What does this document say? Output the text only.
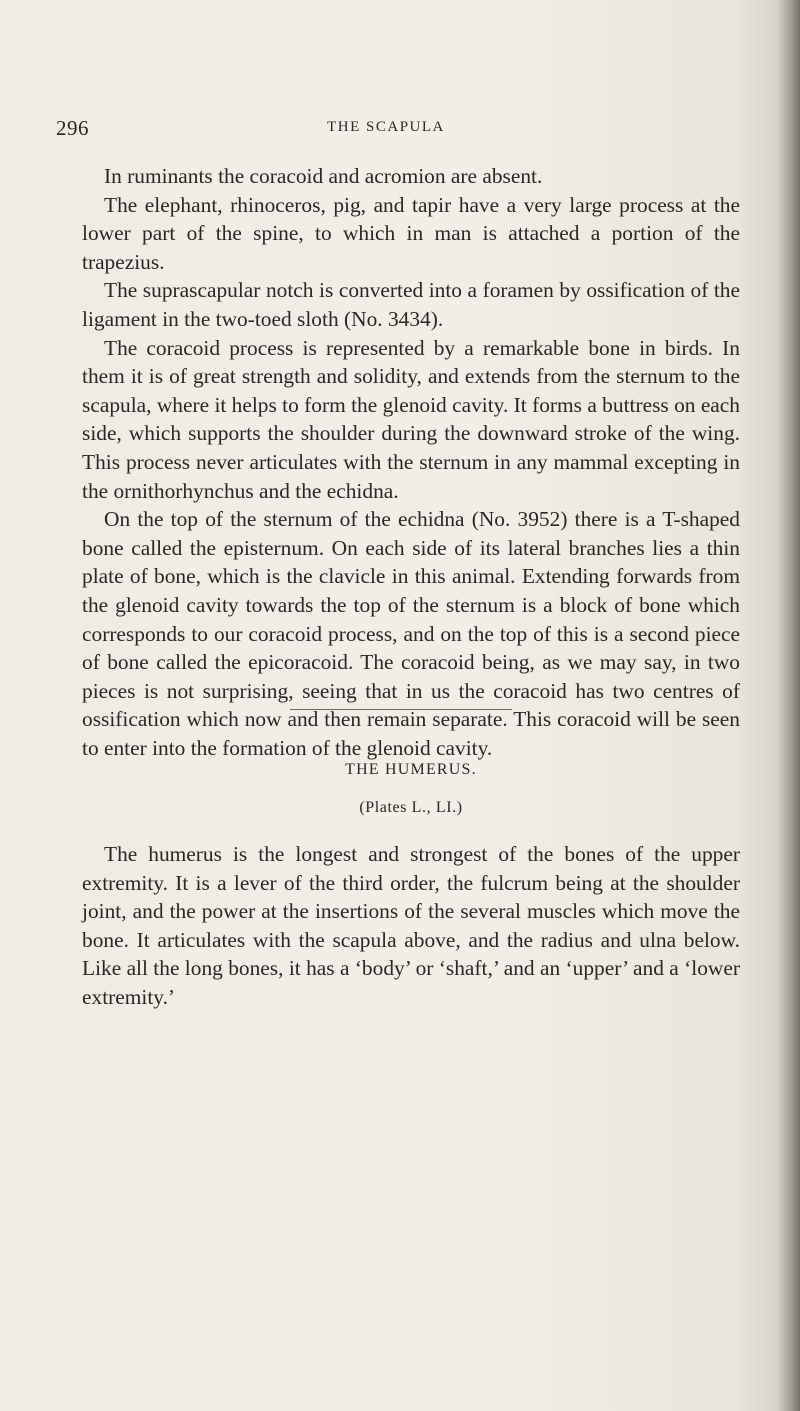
296	THE SCAPULA

In ruminants the coracoid and acromion are absent.

The elephant, rhinoceros, pig, and tapir have a very large process at the lower part of the spine, to which in man is attached a portion of the trapezius.

The suprascapular notch is converted into a foramen by ossification of the ligament in the two-toed sloth (No. 3434).

The coracoid process is represented by a remarkable bone in birds. In them it is of great strength and solidity, and extends from the sternum to the scapula, where it helps to form the glenoid cavity. It forms a buttress on each side, which supports the shoulder during the downward stroke of the wing. This process never articulates with the sternum in any mammal excepting in the ornithorhynchus and the echidna.

On the top of the sternum of the echidna (No. 3952) there is a T-shaped bone called the episternum. On each side of its lateral branches lies a thin plate of bone, which is the clavicle in this animal. Extending forwards from the glenoid cavity towards the top of the sternum is a block of bone which corresponds to our coracoid process, and on the top of this is a second piece of bone called the epicoracoid. The coracoid being, as we may say, in two pieces is not surprising, seeing that in us the coracoid has two centres of ossification which now and then remain separate. This coracoid will be seen to enter into the formation of the glenoid cavity.

THE HUMERUS.
(Plates L., LI.)

The humerus is the longest and strongest of the bones of the upper extremity. It is a lever of the third order, the fulcrum being at the shoulder joint, and the power at the insertions of the several muscles which move the bone. It articulates with the scapula above, and the radius and ulna below. Like all the long bones, it has a ‘body’ or ‘shaft,’ and an ‘upper’ and a ‘lower extremity.’
